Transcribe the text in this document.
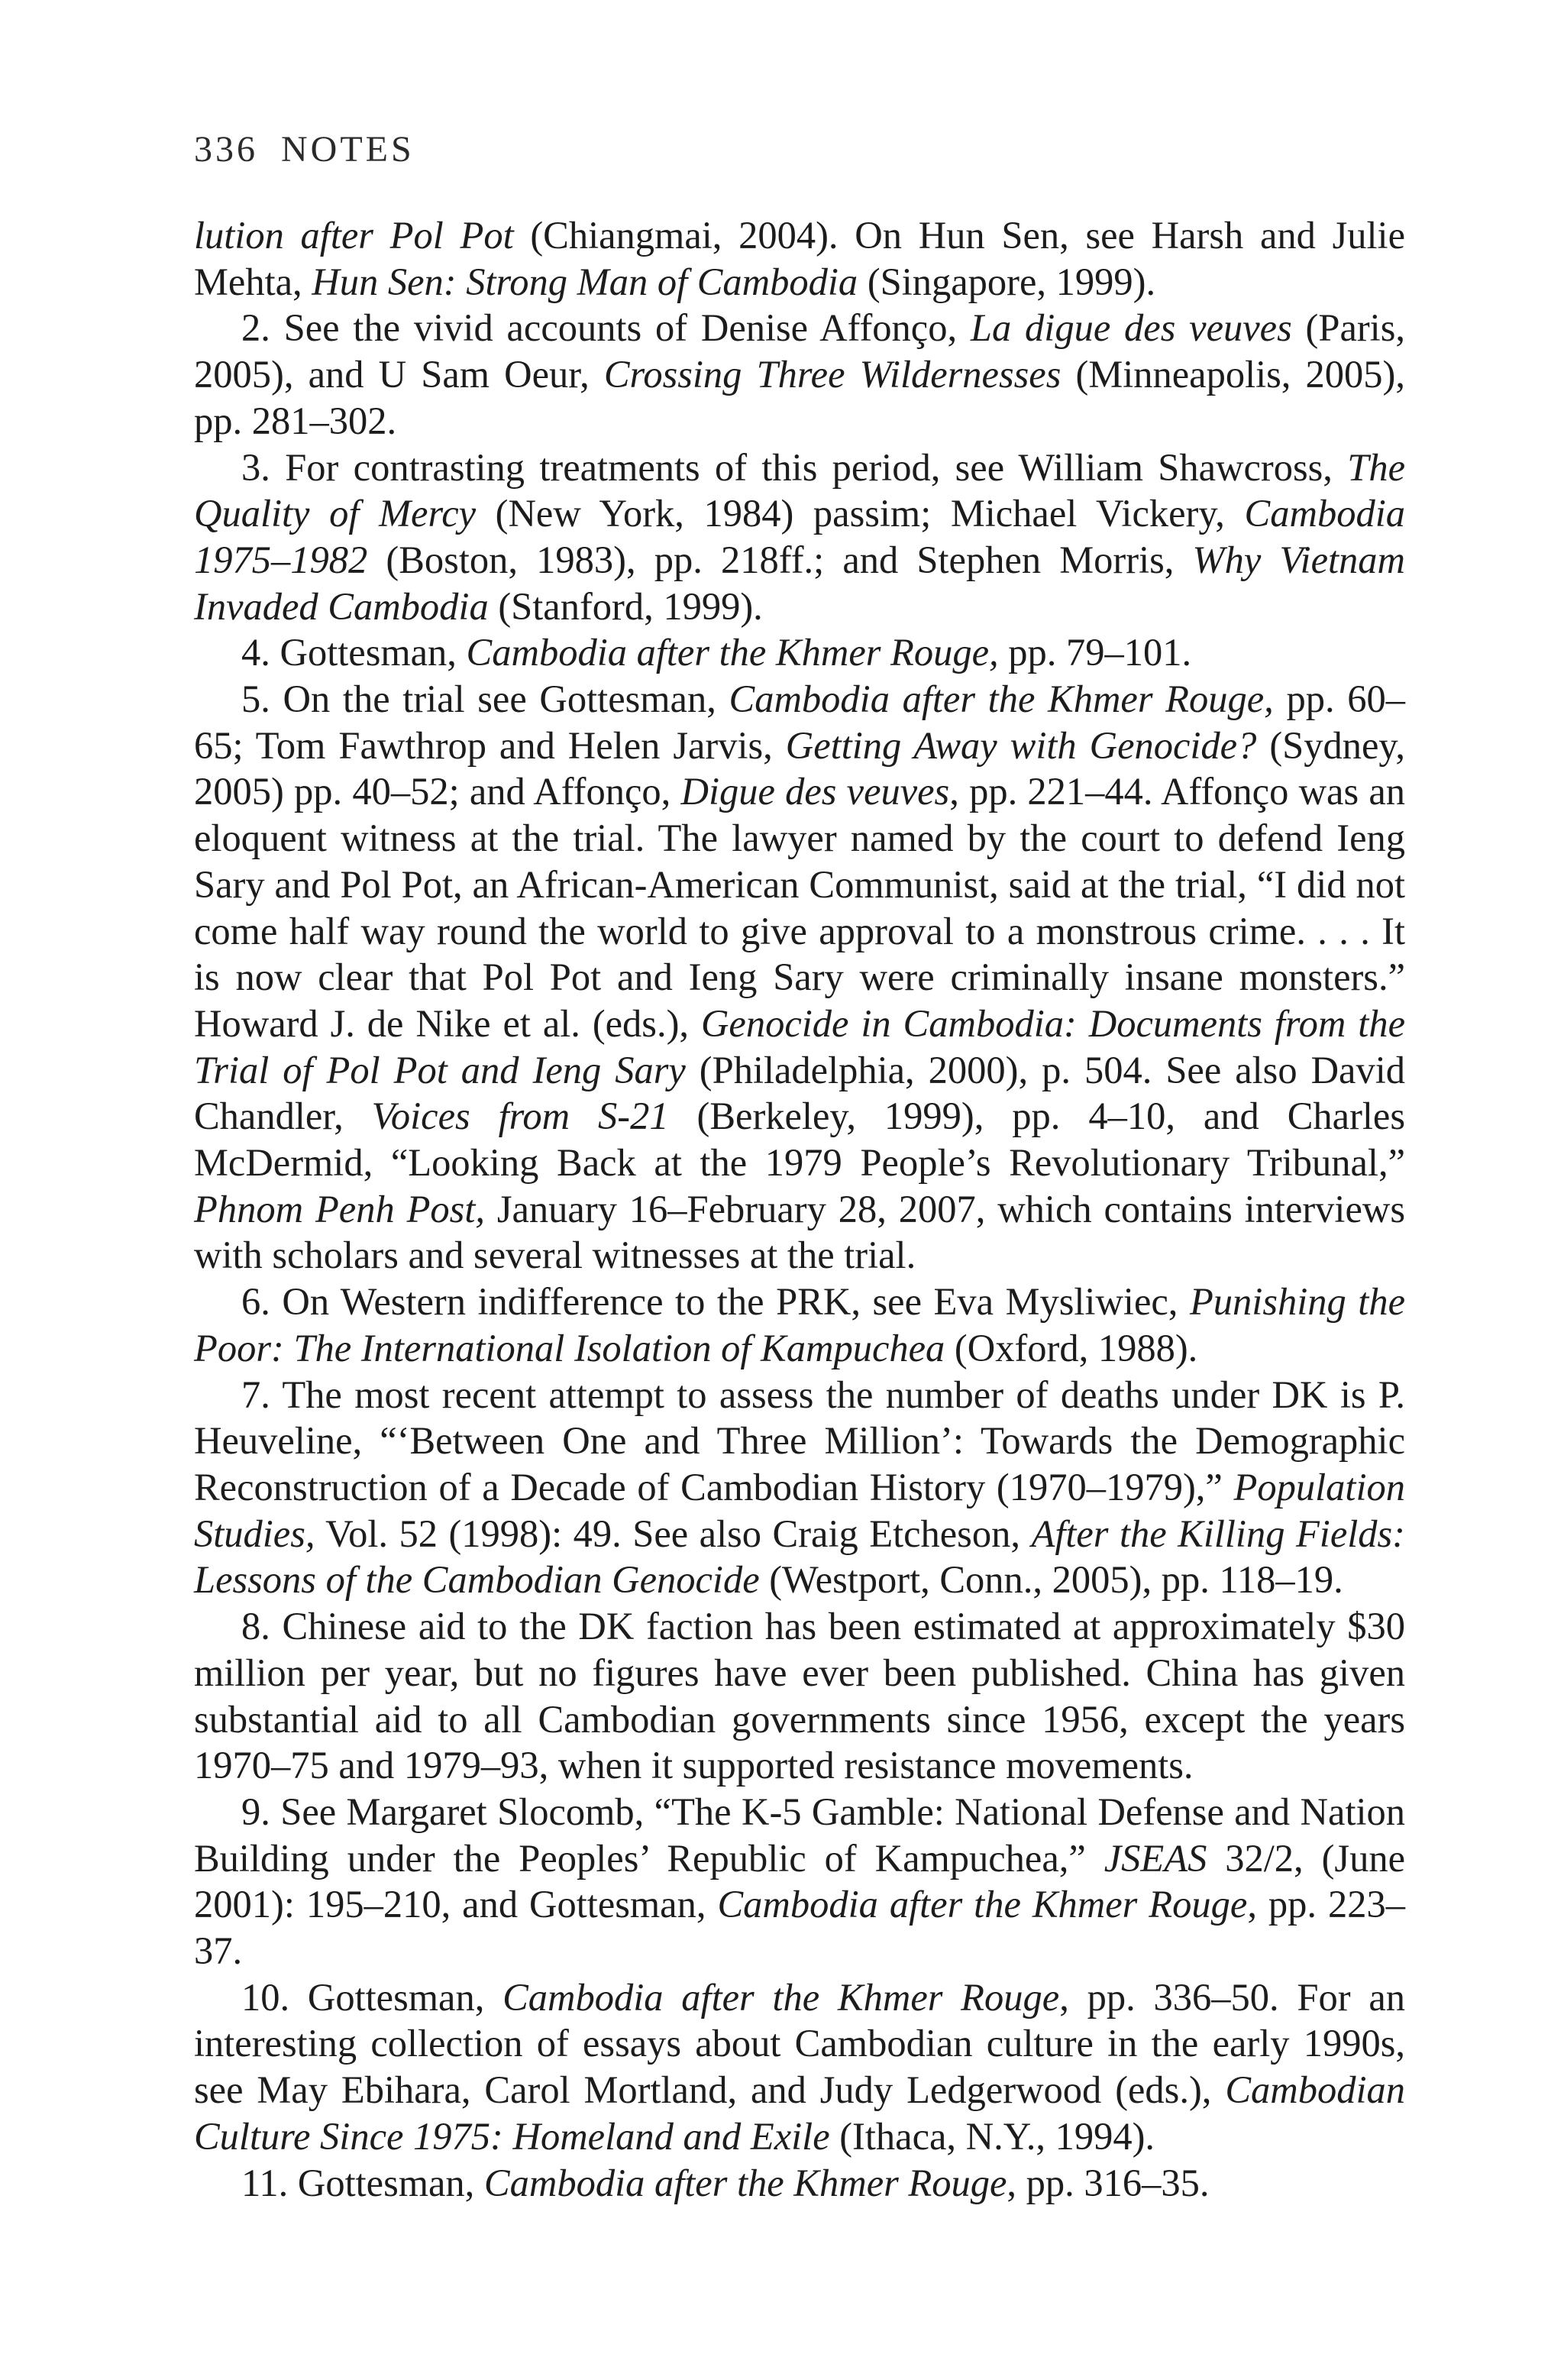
336 NOTES

lution after Pol Pot (Chiangmai, 2004). On Hun Sen, see Harsh and Julie Mehta, Hun Sen: Strong Man of Cambodia (Singapore, 1999).

2. See the vivid accounts of Denise Affonço, La digue des veuves (Paris, 2005), and U Sam Oeur, Crossing Three Wildernesses (Minneapolis, 2005), pp. 281–302.

3. For contrasting treatments of this period, see William Shawcross, The Quality of Mercy (New York, 1984) passim; Michael Vickery, Cambodia 1975–1982 (Boston, 1983), pp. 218ff.; and Stephen Morris, Why Vietnam Invaded Cambodia (Stanford, 1999).

4. Gottesman, Cambodia after the Khmer Rouge, pp. 79–101.

5. On the trial see Gottesman, Cambodia after the Khmer Rouge, pp. 60–65; Tom Fawthrop and Helen Jarvis, Getting Away with Genocide? (Sydney, 2005) pp. 40–52; and Affonço, Digue des veuves, pp. 221–44. Affonço was an eloquent witness at the trial. The lawyer named by the court to defend Ieng Sary and Pol Pot, an African-American Communist, said at the trial, “I did not come half way round the world to give approval to a monstrous crime. . . . It is now clear that Pol Pot and Ieng Sary were criminally insane monsters.” Howard J. de Nike et al. (eds.), Genocide in Cambodia: Documents from the Trial of Pol Pot and Ieng Sary (Philadelphia, 2000), p. 504. See also David Chandler, Voices from S-21 (Berkeley, 1999), pp. 4–10, and Charles McDermid, “Looking Back at the 1979 People’s Revolutionary Tribunal,” Phnom Penh Post, January 16–February 28, 2007, which contains interviews with scholars and several witnesses at the trial.

6. On Western indifference to the PRK, see Eva Mysliwiec, Punishing the Poor: The International Isolation of Kampuchea (Oxford, 1988).

7. The most recent attempt to assess the number of deaths under DK is P. Heuveline, “‘Between One and Three Million’: Towards the Demographic Reconstruction of a Decade of Cambodian History (1970–1979),” Population Studies, Vol. 52 (1998): 49. See also Craig Etcheson, After the Killing Fields: Lessons of the Cambodian Genocide (Westport, Conn., 2005), pp. 118–19.

8. Chinese aid to the DK faction has been estimated at approximately $30 million per year, but no figures have ever been published. China has given substantial aid to all Cambodian governments since 1956, except the years 1970–75 and 1979–93, when it supported resistance movements.

9. See Margaret Slocomb, “The K-5 Gamble: National Defense and Nation Building under the Peoples’ Republic of Kampuchea,” JSEAS 32/2, (June 2001): 195–210, and Gottesman, Cambodia after the Khmer Rouge, pp. 223–37.

10. Gottesman, Cambodia after the Khmer Rouge, pp. 336–50. For an interesting collection of essays about Cambodian culture in the early 1990s, see May Ebihara, Carol Mortland, and Judy Ledgerwood (eds.), Cambodian Culture Since 1975: Homeland and Exile (Ithaca, N.Y., 1994).

11. Gottesman, Cambodia after the Khmer Rouge, pp. 316–35.
